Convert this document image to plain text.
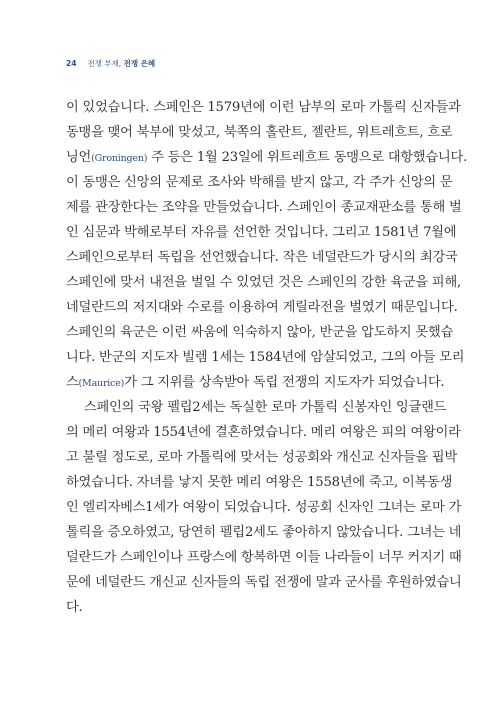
24 전쟁 부재, 전쟁 은혜
이 있었습니다. 스페인은 1579년에 이런 남부의 로마 가톨릭 신자들과
동맹을 맺어 북부에 맞섰고, 북쪽의 홀란트, 젤란트, 위트레흐트, 흐로
닝언(Groningen) 주 등은 1월 23일에 위트레흐트 동맹으로 대항했습니다.
이 동맹은 신앙의 문제로 조사와 박해를 받지 않고, 각 주가 신앙의 문
제를 관장한다는 조약을 만들었습니다. 스페인이 종교재판소를 통해 벌
인 심문과 박해로부터 자유를 선언한 것입니다. 그리고 1581년 7월에
스페인으로부터 독립을 선언했습니다. 작은 네덜란드가 당시의 최강국
스페인에 맞서 내전을 벌일 수 있었던 것은 스페인의 강한 육군을 피해,
네덜란드의 저지대와 수로를 이용하여 게릴라전을 벌였기 때문입니다.
스페인의 육군은 이런 싸움에 익숙하지 않아, 반군을 압도하지 못했습
니다. 반군의 지도자 빌렘 1세는 1584년에 암살되었고, 그의 아들 모리
스(Maurice)가 그 지위를 상속받아 독립 전쟁의 지도자가 되었습니다.
스페인의 국왕 펠립2세는 독실한 로마 가톨릭 신봉자인 잉글랜드
의 메리 여왕과 1554년에 결혼하였습니다. 메리 여왕은 피의 여왕이라
고 불릴 정도로, 로마 가톨릭에 맞서는 성공회와 개신교 신자들을 핍박
하였습니다. 자녀를 낳지 못한 메리 여왕은 1558년에 죽고, 이복동생
인 엘리자베스1세가 여왕이 되었습니다. 성공회 신자인 그녀는 로마 가
톨릭을 증오하였고, 당연히 펠립2세도 좋아하지 않았습니다. 그녀는 네
덜란드가 스페인이나 프랑스에 항복하면 이들 나라들이 너무 커지기 때
문에 네덜란드 개신교 신자들의 독립 전쟁에 말과 군사를 후원하였습니
다.
